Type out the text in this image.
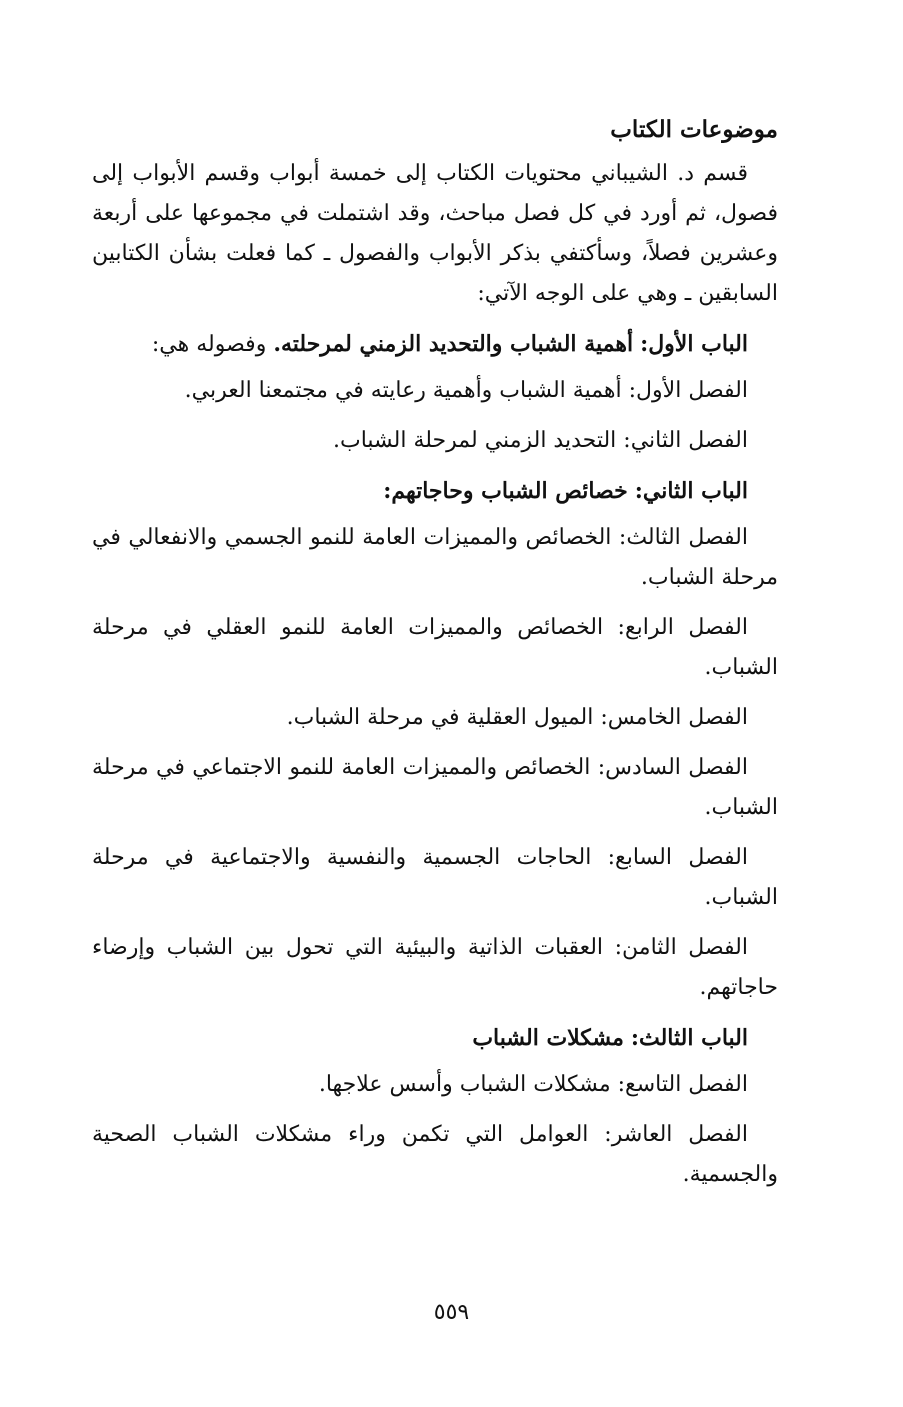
موضوعات الكتاب

قسم د. الشيباني محتويات الكتاب إلى خمسة أبواب وقسم الأبواب إلى فصول، ثم أورد في كل فصل مباحث، وقد اشتملت في مجموعها على أربعة وعشرين فصلاً، وسأكتفي بذكر الأبواب والفصول ـ كما فعلت بشأن الكتابين السابقين ـ وهي على الوجه الآتي:

الباب الأول: أهمية الشباب والتحديد الزمني لمرحلته. وفصوله هي:

الفصل الأول: أهمية الشباب وأهمية رعايته في مجتمعنا العربي.

الفصل الثاني: التحديد الزمني لمرحلة الشباب.

الباب الثاني: خصائص الشباب وحاجاتهم:

الفصل الثالث: الخصائص والمميزات العامة للنمو الجسمي والانفعالي في مرحلة الشباب.

الفصل الرابع: الخصائص والمميزات العامة للنمو العقلي في مرحلة الشباب.

الفصل الخامس: الميول العقلية في مرحلة الشباب.

الفصل السادس: الخصائص والمميزات العامة للنمو الاجتماعي في مرحلة الشباب.

الفصل السابع: الحاجات الجسمية والنفسية والاجتماعية في مرحلة الشباب.

الفصل الثامن: العقبات الذاتية والبيئية التي تحول بين الشباب وإرضاء حاجاتهم.

الباب الثالث: مشكلات الشباب

الفصل التاسع: مشكلات الشباب وأسس علاجها.

الفصل العاشر: العوامل التي تكمن وراء مشكلات الشباب الصحية والجسمية.

٥٥٩
